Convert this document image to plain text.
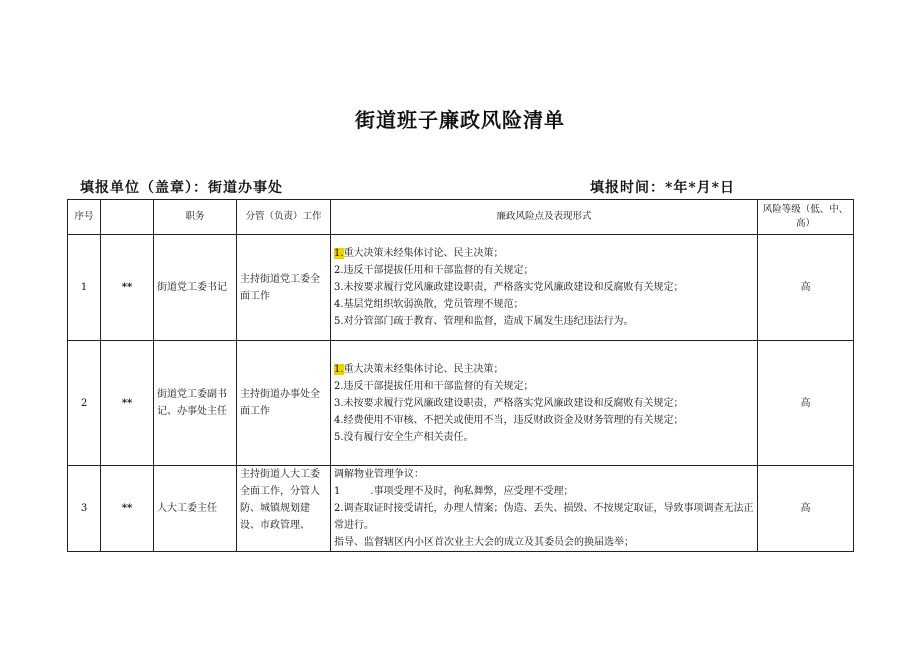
街道班子廉政风险清单
填报单位（盖章）：街道办事处	填报时间：*年*月*日
序号		职务	分管（负责）工作	廉政风险点及表现形式	风险等级（低、中、高）
1	**	街道党工委书记	主持街道党工委全面工作	1.重大决策未经集体讨论、民主决策；
2.违反干部提拔任用和干部监督的有关规定；
3.未按要求履行党风廉政建设职责，严格落实党风廉政建设和反腐败有关规定；
4.基层党组织软弱涣散，党员管理不规范；
5.对分管部门疏于教育、管理和监督，造成下属发生违纪违法行为。	高
2	**	街道党工委副书记、办事处主任	主持街道办事处全面工作	1.重大决策未经集体讨论、民主决策；
2.违反干部提拔任用和干部监督的有关规定；
3.未按要求履行党风廉政建设职责，严格落实党风廉政建设和反腐败有关规定；
4.经费使用不审核、不把关或使用不当，违反财政资金及财务管理的有关规定；
5.没有履行安全生产相关责任。	高
3	**	人大工委主任	主持街道人大工委全面工作，分管人防、城镇规划建设、市政管理、	调解物业管理争议：
1 .事项受理不及时，徇私舞弊，应受理不受理；
2.调查取证时接受请托，办理人情案；伪造、丢失、损毁、不按规定取证，导致事项调查无法正常进行。
指导、监督辖区内小区首次业主大会的成立及其委员会的换届选举；	高
